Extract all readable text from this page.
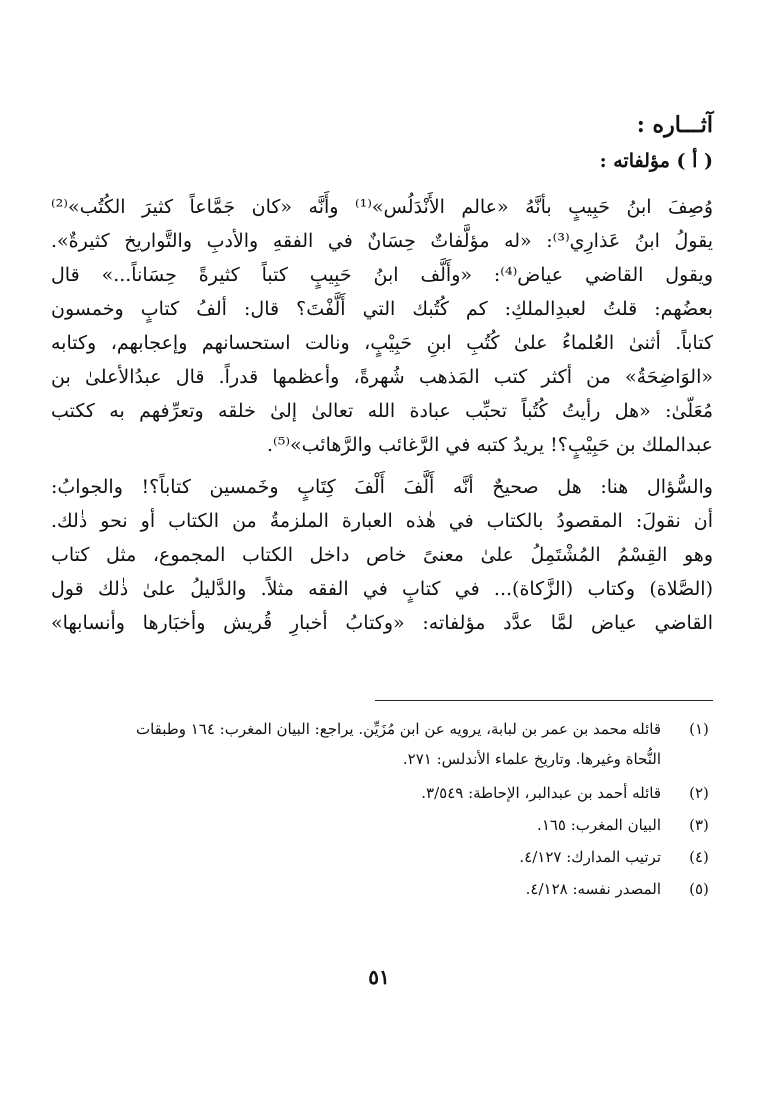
آثـــاره :
( أ ) مؤلفاته :
وُصِفَ ابنُ حَبِيبٍ بأنَّهُ «عالم الأَنْدَلُس»⁽¹⁾ وأَنَّه «كان جَمَّاعاً كثيرَ الكُتُب»⁽²⁾
يقولُ ابنُ عَذارِي⁽³⁾: «له مؤلَّفاتٌ حِسَانٌ في الفقهِ والأدبِ والتَّواريخ كثيرةٌ».
ويقول القاضي عياض⁽⁴⁾: «وأَلَّف ابنُ حَبِيبٍ كتباً كثيرةً حِسَاناً...» قال
بعضُهم: قلتُ لعبدِالملكِ: كم كُتُبك التي أَلَّفْتَ؟ قال: ألفُ كتابٍ وخمسون
كتاباً. أثنىٰ العُلماءُ علىٰ كُتُبِ ابنِ حَبِيْبٍ، ونالت استحسانهم وإعجابهم، وكتابه
«الوَاضِحَةُ» من أكثر كتب المَذهب شُهرةً، وأعظمها قدراً. قال عبدُالأعلىٰ بن
مُعَلّىٰ: «هل رأيتُ كُتُباً تحبِّب عبادة الله تعالىٰ إلىٰ خلقه وتعرِّفهم به ككتب
عبدالملك بن حَبِيْبٍ؟! يريدُ كتبه في الرَّغائب والرَّهائب»⁽⁵⁾.
والسُّؤال هنا: هل صحيحٌ أنَّه أَلَّفَ أَلْفَ كِتَابٍ وخَمسين كتاباً؟! والجوابُ:
أن نقولَ: المقصودُ بالكتاب في هٰذه العبارة الملزمةُ من الكتاب أو نحو ذٰلك.
وهو القِسْمُ المُشْتَمِلُ علىٰ معنىً خاص داخل الكتاب المجموع، مثل كتاب
(الصَّلاة) وكتاب (الزَّكاة)... في كتابٍ في الفقه مثلاً. والدَّليلُ علىٰ ذٰلك قول
القاضي عياض لمَّا عدَّد مؤلفاته: «وكتابُ أخبارِ قُريش وأخبَارها وأنسابها»
(١)
قائله محمد بن عمر بن لبابة، يرويه عن ابن مُزَيِّن. يراجع: البيان المغرب: ١٦٤ وطبقات
النُّحاة وغيرها. وتاريخ علماء الأندلس: ٢٧١.
(٢)
قائله أحمد بن عبدالبر، الإحاطة: ٣/٥٤٩.
(٣)
البيان المغرب: ١٦٥.
(٤)
ترتيب المدارك: ٤/١٢٧.
(٥)
المصدر نفسه: ٤/١٢٨.
٥١
